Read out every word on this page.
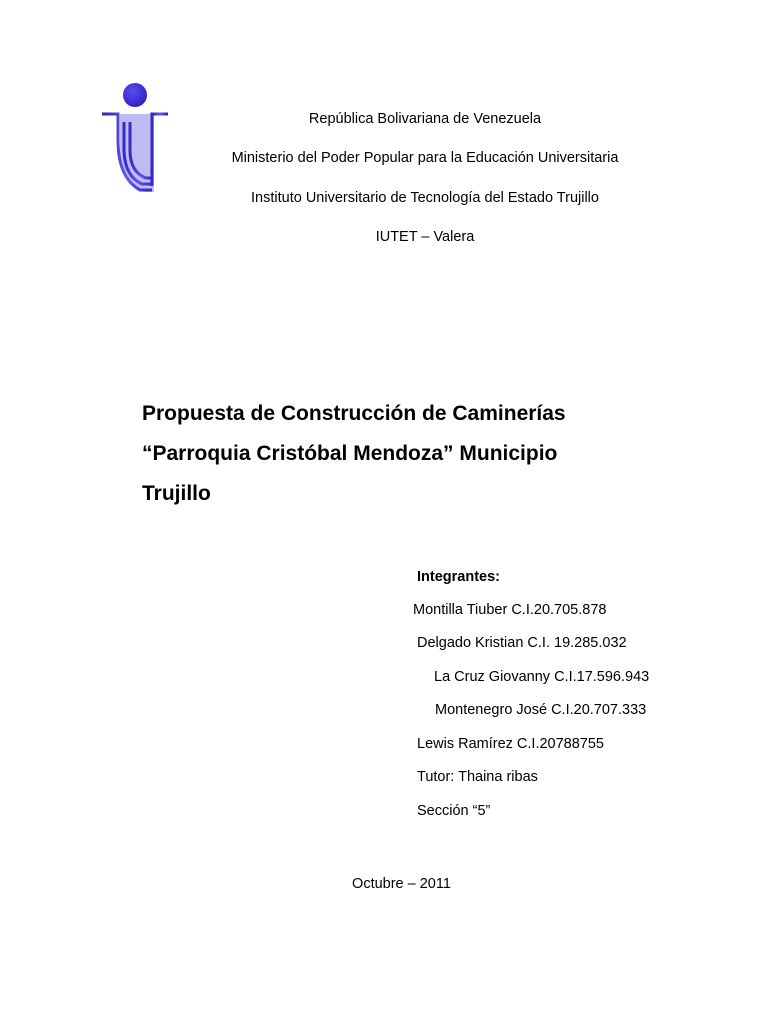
República Bolivariana de Venezuela
Ministerio del Poder Popular para la Educación Universitaria
Instituto Universitario de Tecnología del Estado Trujillo
IUTET – Valera
Propuesta de Construcción de Caminerías
“Parroquia Cristóbal Mendoza” Municipio
Trujillo
Integrantes:
Montilla Tiuber C.I.20.705.878
Delgado Kristian C.I. 19.285.032
La Cruz Giovanny C.I.17.596.943
Montenegro José C.I.20.707.333
Lewis Ramírez C.I.20788755
Tutor: Thaina ribas
Sección “5”
Octubre – 2011
